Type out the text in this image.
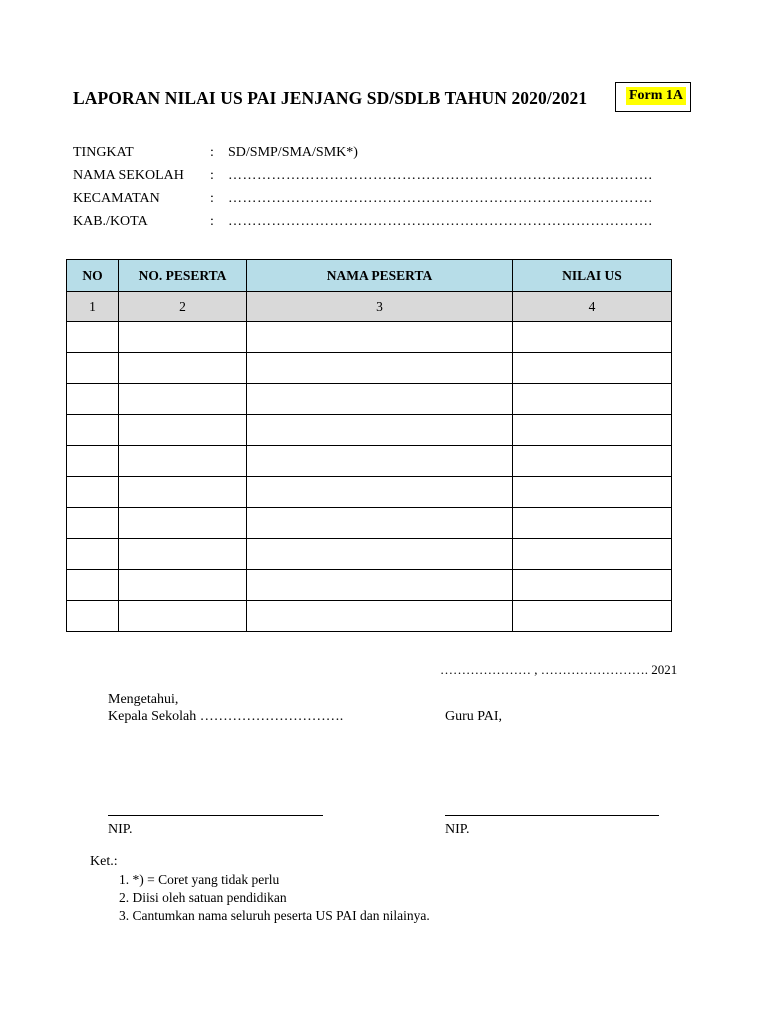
LAPORAN NILAI US PAI JENJANG SD/SDLB TAHUN 2020/2021	Form 1A
TINGKAT	: SD/SMP/SMA/SMK*)
NAMA SEKOLAH : …………………………………………………………………………….
KECAMATAN	: …………………………………………………………………………….
KAB./KOTA	: …………………………………………………………………………….
NO	NO. PESERTA	NAMA PESERTA	NILAI US
1	2	3	4

………………… , ……………………. 2021
Mengetahui,
Kepala Sekolah ………………………….	Guru PAI,
NIP.	NIP.
Ket.:
1. *) = Coret yang tidak perlu
2. Diisi oleh satuan pendidikan
3. Cantumkan nama seluruh peserta US PAI dan nilainya.
